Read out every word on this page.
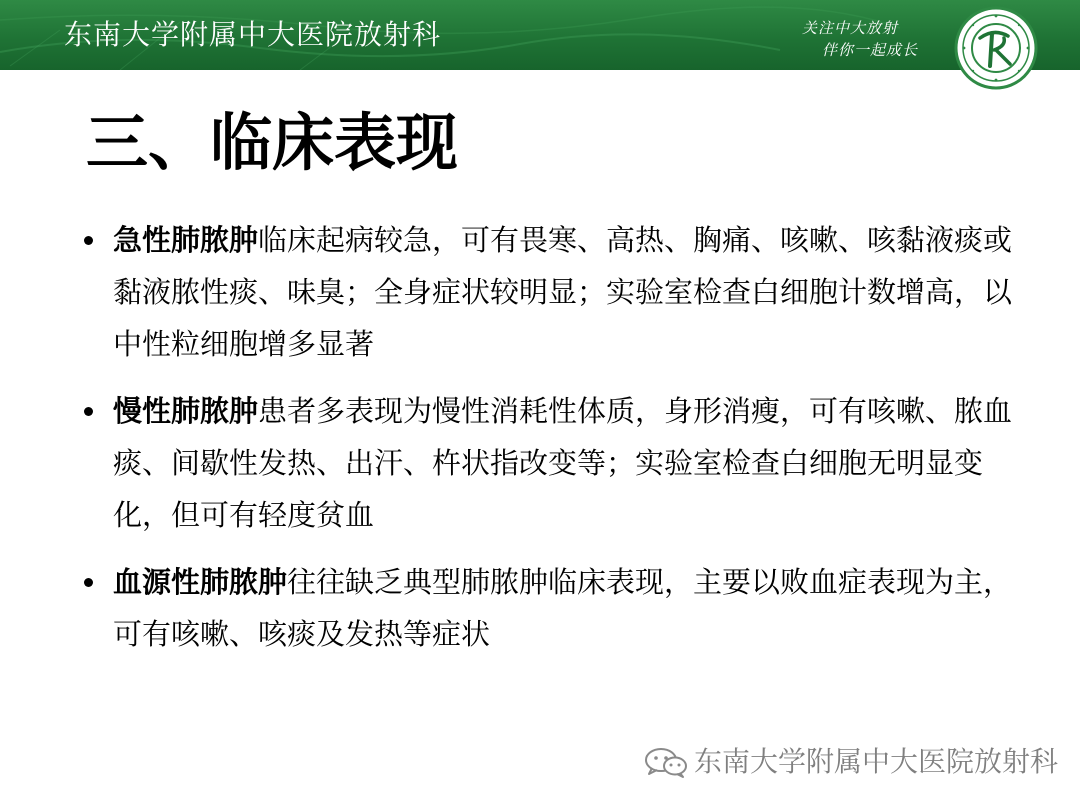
东南大学附属中大医院放射科	关注中大放射
伴你一起成长
三、临床表现
急性肺脓肿临床起病较急，可有畏寒、高热、胸痛、咳嗽、咳黏液痰或黏液脓性痰、味臭；全身症状较明显；实验室检查白细胞计数增高，以中性粒细胞增多显著
慢性肺脓肿患者多表现为慢性消耗性体质，身形消瘦，可有咳嗽、脓血痰、间歇性发热、出汗、杵状指改变等；实验室检查白细胞无明显变化，但可有轻度贫血
血源性肺脓肿往往缺乏典型肺脓肿临床表现，主要以败血症表现为主，可有咳嗽、咳痰及发热等症状
东南大学附属中大医院放射科
